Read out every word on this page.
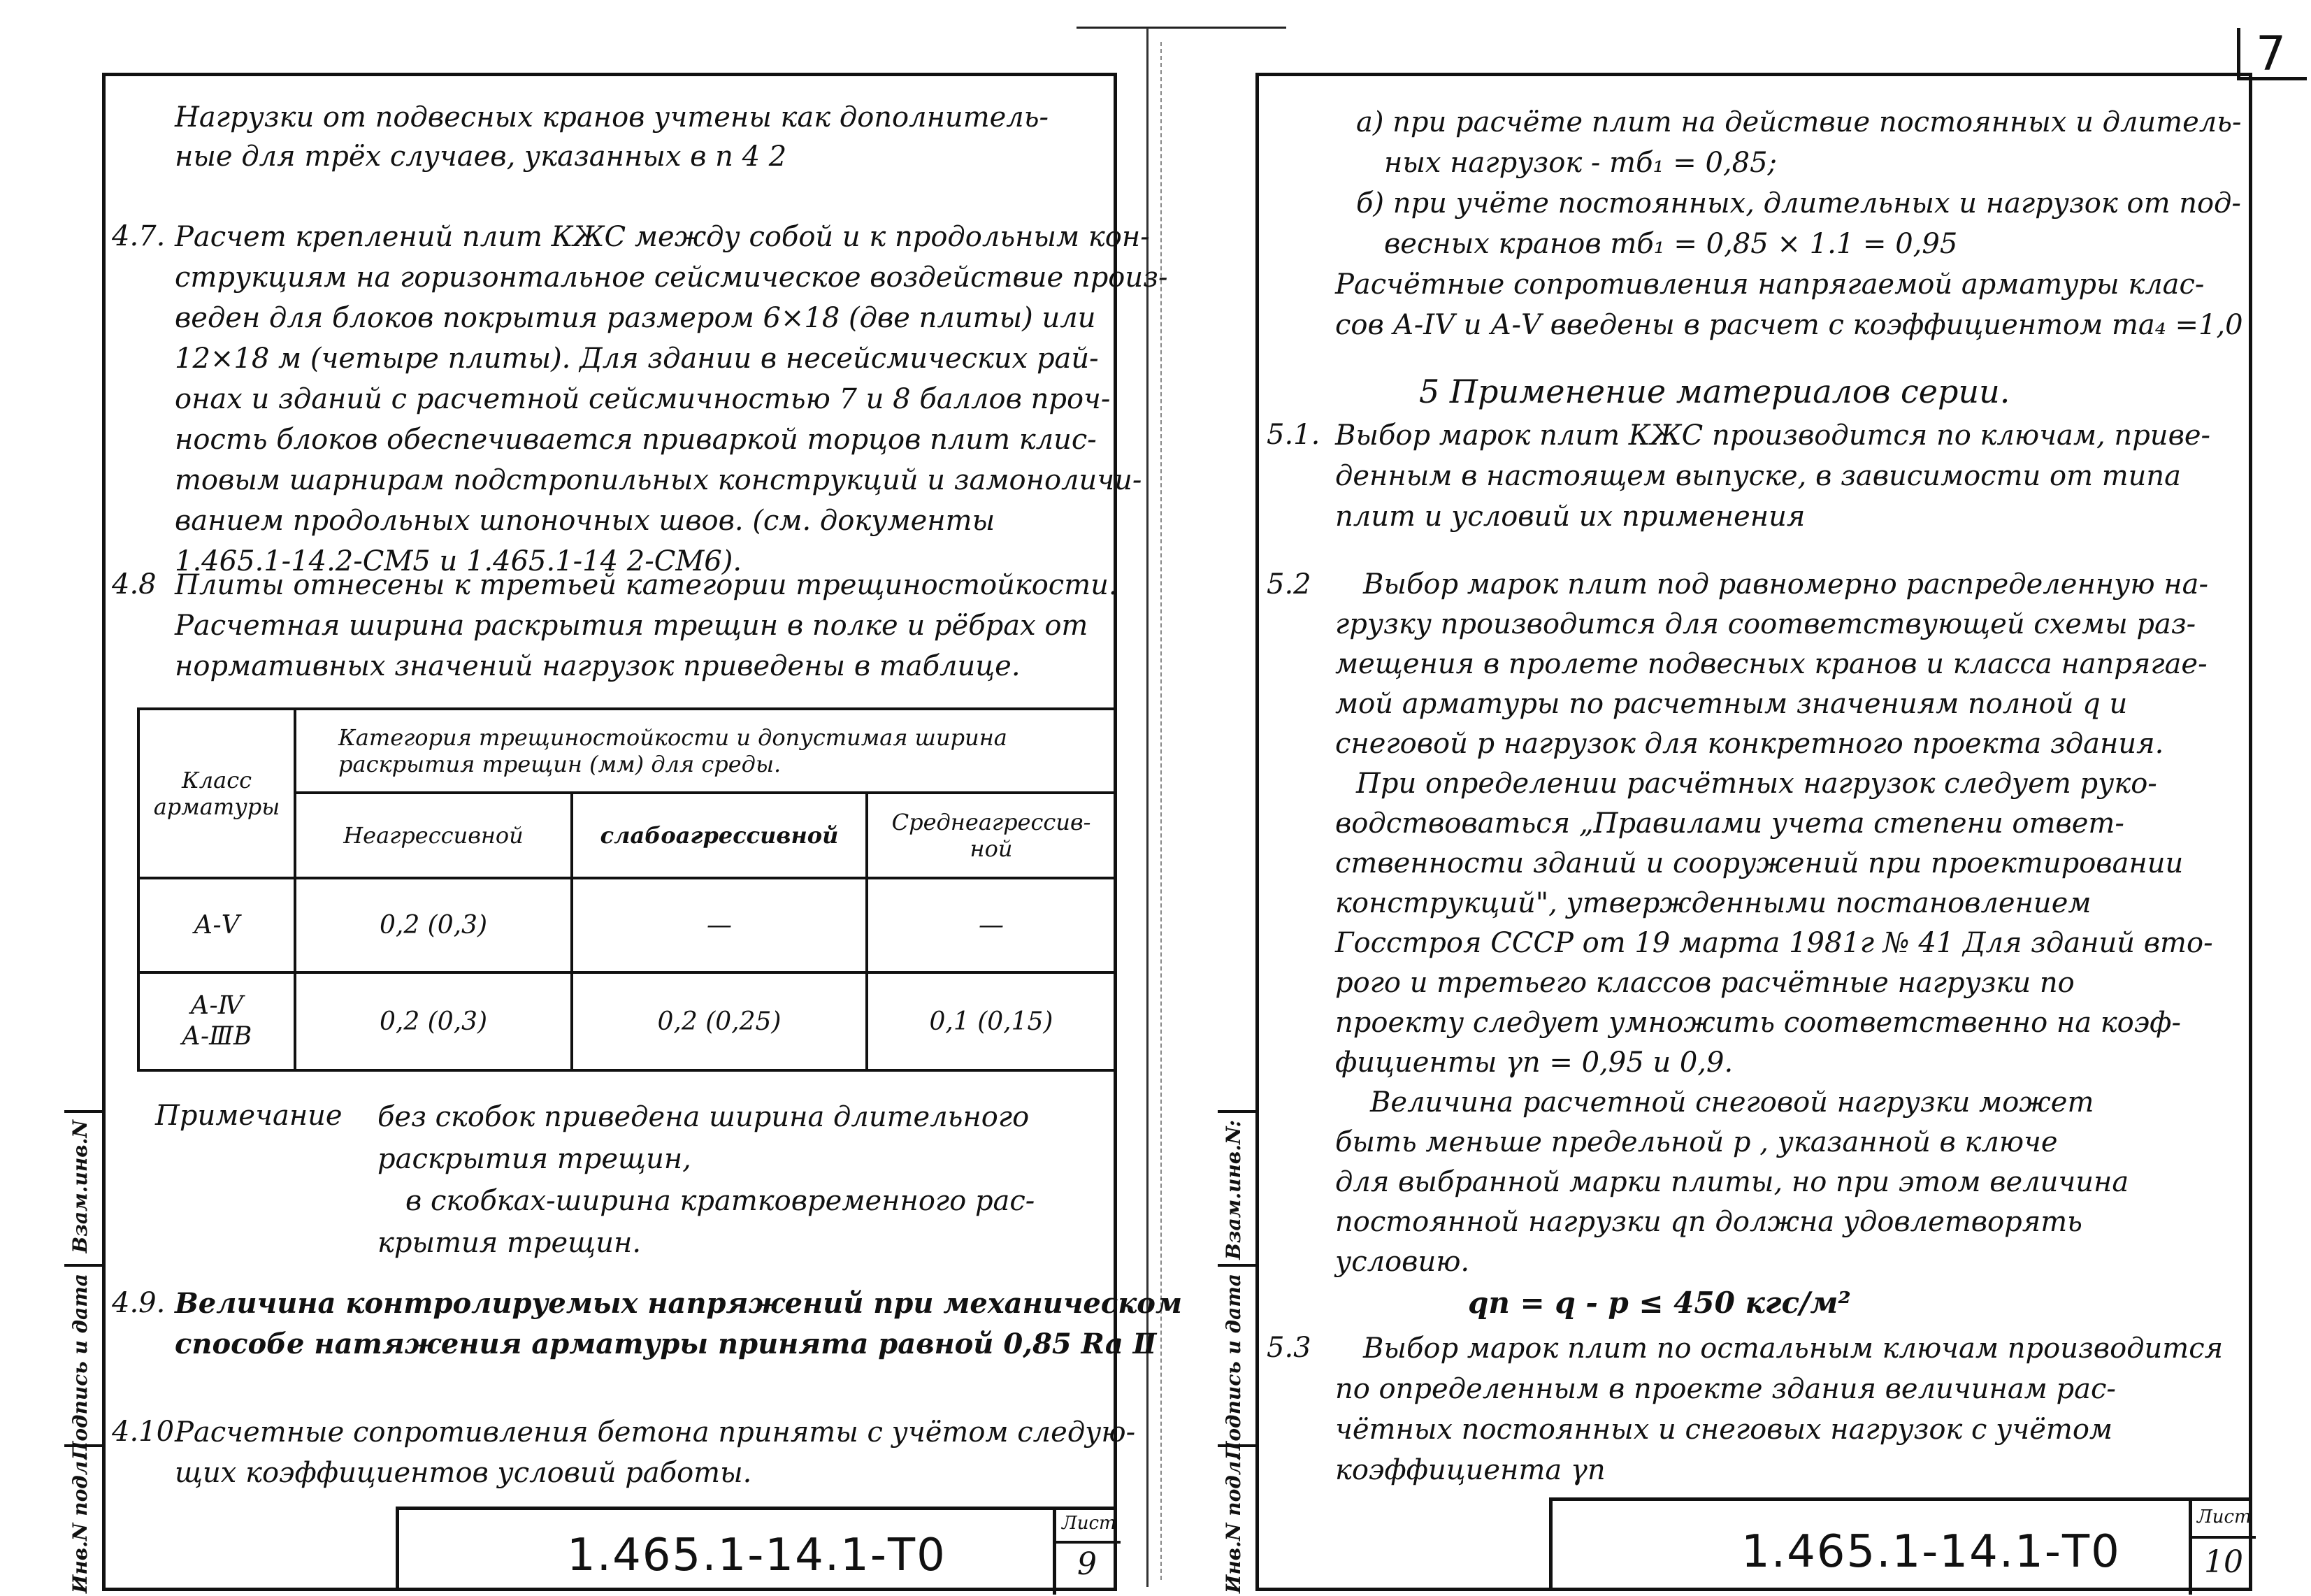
7
Взам.инв.N
Подпись и дата
Инв.N подл.
Нагрузки от подвесных кранов учтены как дополнитель-
ные для трёх случаев, указанных в п 4 2
4.7. Расчет креплений плит КЖС между собой и к продольным кон-
струкциям на горизонтальное сейсмическое воздействие произ-
веден для блоков покрытия размером 6×18 (две плиты) или
12×18 м (четыре плиты). Для здании в несейсмических рай-
онах и зданий с расчетной сейсмичностью 7 и 8 баллов проч-
ность блоков обеспечивается приваркой торцов плит клис-
товым шарнирам подстропильных конструкций и замоноличи-
ванием продольных шпоночных швов. (см. документы
1.465.1-14.2-СМ5 и 1.465.1-14 2-СМ6).
4.8 Плиты отнесены к третьей категории трещиностойкости.
Расчетная ширина раскрытия трещин в полке и рёбрах от
нормативных значений нагрузок приведены в таблице.
Класс арматуры	Категория трещиностойкости и допустимая ширина раскрытия трещин (мм) для среды.		
	Неагрессивной	слабоагрессивной	Среднеагрессив-ной
А-Ⅴ	0,2 (0,3)	—	—
А-Ⅳ
А-ⅢВ	0,2 (0,3)	0,2 (0,25)	0,1 (0,15)
Примечание без скобок приведена ширина длительного
раскрытия трещин,
в скобках-ширина кратковременного рас-
крытия трещин.
4.9. Величина контролируемых напряжений при механическом
способе натяжения арматуры принята равной 0,85 Ra Ⅱ
4.10.
Расчетные сопротивления бетона приняты с учётом следую-
щих коэффициентов условий работы.
1.465.1-14.1-Т0
Лист
9
Взам.инв.N:
Подпись и дата
Инв.N подл.
а) при расчёте плит на действие постоянных и длитель-
ных нагрузок - mб₁ = 0,85;
б) при учёте постоянных, длительных и нагрузок от под-
весных кранов mб₁ = 0,85 × 1.1 = 0,95
Расчётные сопротивления напрягаемой арматуры клас-
сов А-IV и А-V введены в расчет с коэффициентом mа₄ =1,0
5 Применение материалов серии.
5.1. Выбор марок плит КЖС производится по ключам, приве-
денным в настоящем выпуске, в зависимости от типа
плит и условий их применения
5.2	Выбор марок плит под равномерно распределенную на-
грузку производится для соответствующей схемы раз-
мещения в пролете подвесных кранов и класса напрягае-
мой арматуры по расчетным значениям полной q и
снеговой р нагрузок для конкретного проекта здания.
При определении расчётных нагрузок следует руко-
водствоваться „Правилами учета степени ответ-
ственности зданий и сооружений при проектировании
конструкций", утвержденными постановлением
Госстроя СССР от 19 марта 1981г № 41 Для зданий вто-
рого и третьего классов расчётные нагрузки по
проекту следует умножить соответственно на коэф-
фициенты γn = 0,95 и 0,9.
Величина расчетной снеговой нагрузки может
быть меньше предельной р , указанной в ключе
для выбранной марки плиты, но при этом величина
постоянной нагрузки qn должна удовлетворять
условию.
qn = q - p ≤ 450 кгс/м²
5.3	Выбор марок плит по остальным ключам производится
по определенным в проекте здания величинам рас-
чётных постоянных и снеговых нагрузок с учётом
коэффициента γn
1.465.1-14.1-Т0
Лист
10
